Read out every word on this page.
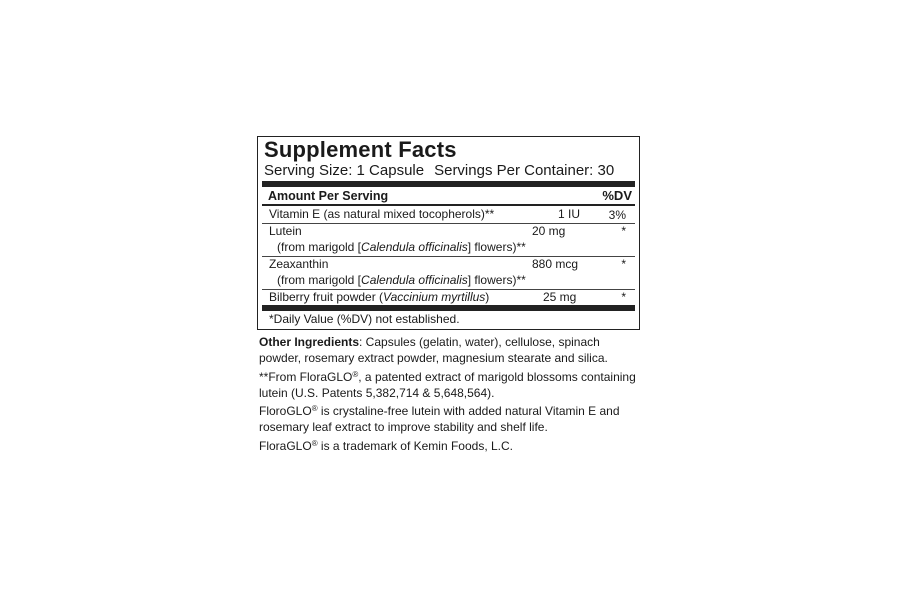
Supplement Facts
Serving Size: 1 Capsule Servings Per Container: 30
Amount Per Serving	%DV
Vitamin E (as natural mixed tocopherols)**	1 IU 3%
Lutein	20 mg	*
(from marigold [Calendula officinalis] flowers)**
Zeaxanthin	880 mcg	*
(from marigold [Calendula officinalis] flowers)**
Bilberry fruit powder (Vaccinium myrtillus)	25 mg	*
*Daily Value (%DV) not established.

Other Ingredients: Capsules (gelatin, water), cellulose, spinach powder, rosemary extract powder, magnesium stearate and silica.

**From FloraGLO®, a patented extract of marigold blossoms containing lutein (U.S. Patents 5,382,714 & 5,648,564).

FloroGLO® is crystaline-free lutein with added natural Vitamin E and rosemary leaf extract to improve stability and shelf life.

FloraGLO® is a trademark of Kemin Foods, L.C.
